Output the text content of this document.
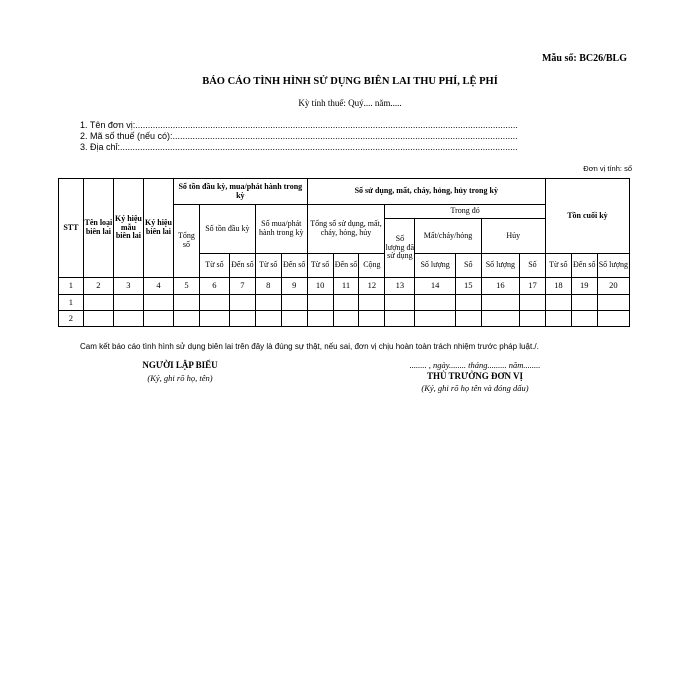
Mẫu số: BC26/BLG
BÁO CÁO TÌNH HÌNH SỬ DỤNG BIÊN LAI THU PHÍ, LỆ PHÍ
Kỳ tính thuế: Quý.... năm.....
1. Tên đơn vị:.........................................................................................................................................................
2. Mã số thuế (nếu có):..........................................................................................................................................
3. Địa chỉ:...............................................................................................................................................................
Đơn vị tính: số
STT	Tên loại biên lai	Ký hiệu mẫu biên lai	Ký hiệu biên lai	Số tồn đầu kỳ, mua/phát hành trong kỳ					Số sử dụng, mất, cháy, hỏng, hủy trong kỳ								Tồn cuối kỳ		
				Tổng số	Số tồn đầu kỳ		Số mua/phát hành trong kỳ		Tổng số sử dụng, mất, cháy, hỏng, hủy			Trong đó							
												Số lượng đã sử dụng	Mất/cháy/hỏng		Hủy				
					Từ số	Đến số	Từ số	Đến số	Từ số	Đến số	Cộng		Số lượng	Số	Số lượng	Số	Từ số	Đến số	Số lượng
1	2	3	4	5	6	7	8	9	10	11	12	13	14	15	16	17	18	19	20
1																			
2																			
Cam kết báo cáo tình hình sử dụng biên lai trên đây là đúng sự thật, nếu sai, đơn vị chịu hoàn toàn trách nhiệm trước pháp luật./.
NGƯỜI LẬP BIỂU
(Ký, ghi rõ họ, tên)
........ , ngày........ tháng......... năm........
THỦ TRƯỞNG ĐƠN VỊ
(Ký, ghi rõ họ tên và đóng dấu)
